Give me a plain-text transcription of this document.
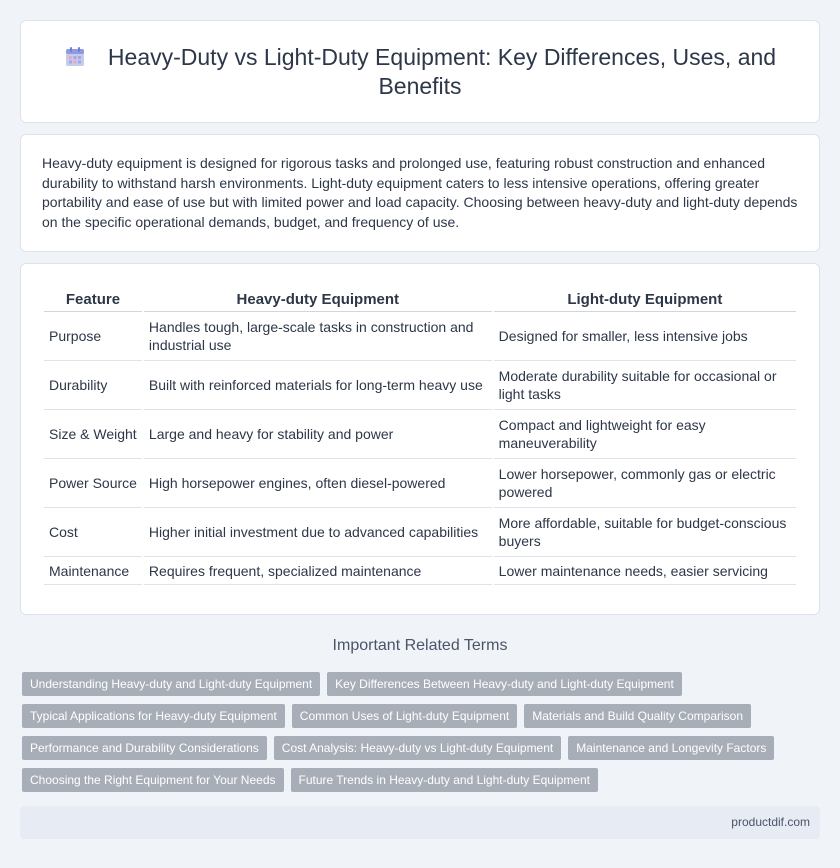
Heavy-Duty vs Light-Duty Equipment: Key Differences, Uses, and Benefits

Heavy-duty equipment is designed for rigorous tasks and prolonged use, featuring robust construction and enhanced durability to withstand harsh environments. Light-duty equipment caters to less intensive operations, offering greater portability and ease of use but with limited power and load capacity. Choosing between heavy-duty and light-duty depends on the specific operational demands, budget, and frequency of use.

Feature	Heavy-duty Equipment	Light-duty Equipment
Purpose	Handles tough, large-scale tasks in construction and industrial use	Designed for smaller, less intensive jobs
Durability	Built with reinforced materials for long-term heavy use	Moderate durability suitable for occasional or light tasks
Size & Weight	Large and heavy for stability and power	Compact and lightweight for easy maneuverability
Power Source	High horsepower engines, often diesel-powered	Lower horsepower, commonly gas or electric powered
Cost	Higher initial investment due to advanced capabilities	More affordable, suitable for budget-conscious buyers
Maintenance	Requires frequent, specialized maintenance	Lower maintenance needs, easier servicing
Important Related Terms
Understanding Heavy-duty and Light-duty Equipment	Key Differences Between Heavy-duty and Light-duty Equipment
Typical Applications for Heavy-duty Equipment	Common Uses of Light-duty Equipment	Materials and Build Quality Comparison
Performance and Durability Considerations	Cost Analysis: Heavy-duty vs Light-duty Equipment	Maintenance and Longevity Factors
Choosing the Right Equipment for Your Needs	Future Trends in Heavy-duty and Light-duty Equipment
productdif.com
